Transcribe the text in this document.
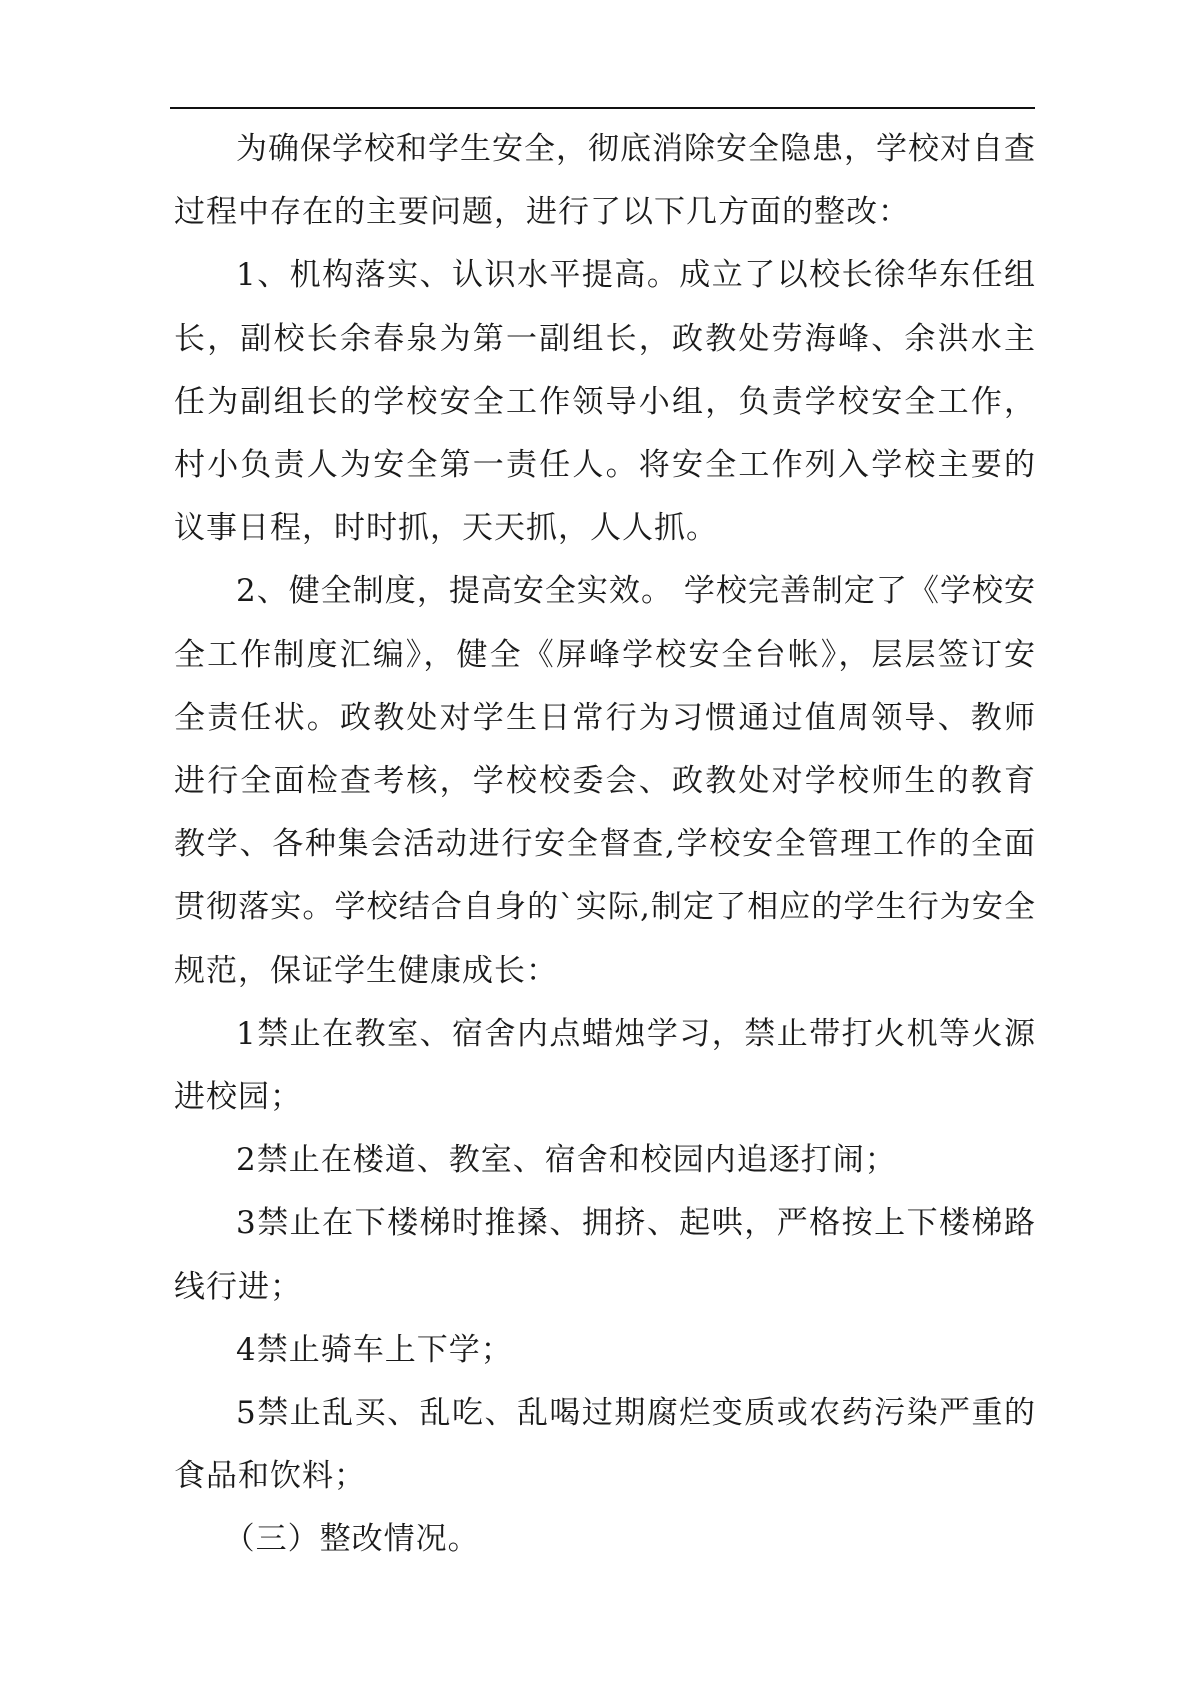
为确保学校和学生安全，彻底消除安全隐患，学校对自查过程中存在的主要问题，进行了以下几方面的整改：

1、机构落实、认识水平提高。成立了以校长徐华东任组长，副校长余春泉为第一副组长，政教处劳海峰、余洪水主任为副组长的学校安全工作领导小组，负责学校安全工作，村小负责人为安全第一责任人。将安全工作列入学校主要的议事日程，时时抓，天天抓，人人抓。

2、健全制度，提高安全实效。 学校完善制定了《学校安全工作制度汇编》，健全《屏峰学校安全台帐》，层层签订安全责任状。政教处对学生日常行为习惯通过值周领导、教师进行全面检查考核，学校校委会、政教处对学校师生的教育教学、各种集会活动进行安全督查,学校安全管理工作的全面贯彻落实。学校结合自身的`实际,制定了相应的学生行为安全规范，保证学生健康成长：

1禁止在教室、宿舍内点蜡烛学习，禁止带打火机等火源进校园；

2禁止在楼道、教室、宿舍和校园内追逐打闹；

3禁止在下楼梯时推搡、拥挤、起哄，严格按上下楼梯路线行进；

4禁止骑车上下学；

5禁止乱买、乱吃、乱喝过期腐烂变质或农药污染严重的食品和饮料；

（三）整改情况。
